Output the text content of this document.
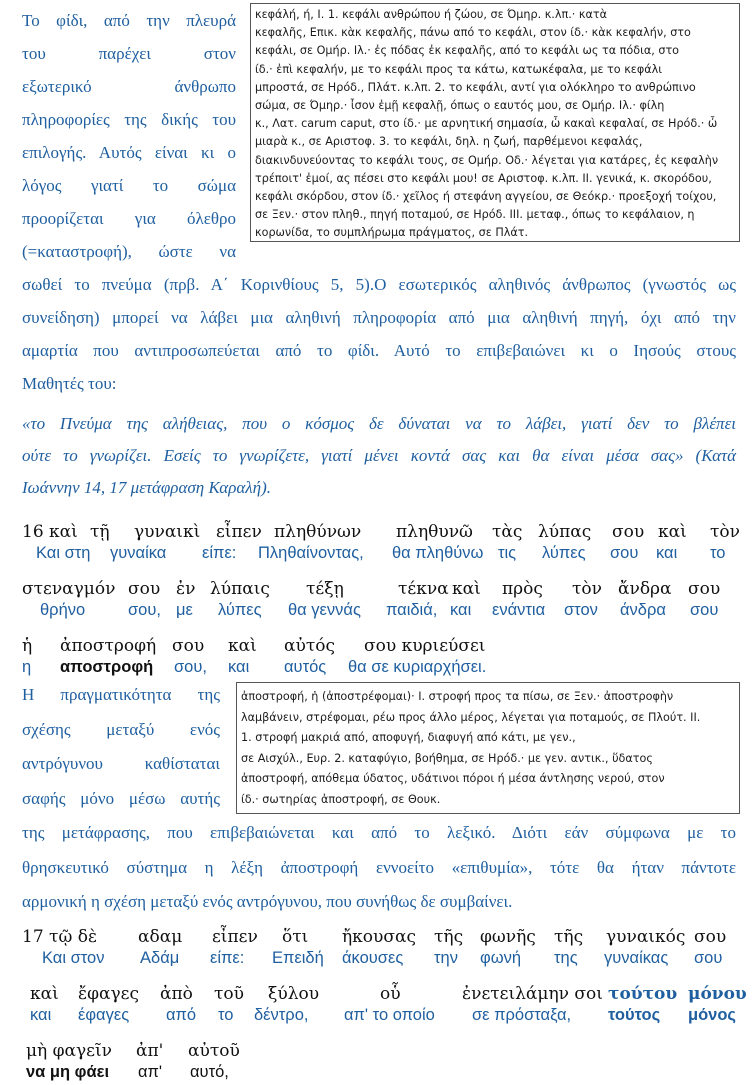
Το φίδι, από την πλευρά
του παρέχει στον
εξωτερικό άνθρωπο
πληροφορίες της δικής του
επιλογής. Αυτός είναι κι ο
λόγος γιατί το σώμα
προορίζεται για όλεθρο
(=καταστροφή), ώστε να
σωθεί το πνεύμα (πρβ. Α΄ Κορινθίους 5, 5).Ο εσωτερικός αληθινός άνθρωπος (γνωστός ως
συνείδηση) μπορεί να λάβει μια αληθινή πληροφορία από μια αληθινή πηγή, όχι από την
αμαρτία που αντιπροσωπεύεται από το φίδι. Αυτό το επιβεβαιώνει κι ο Ιησούς στους
Μαθητές του:
κεφάλή, ή, I. 1. κεφάλι ανθρώπου ή ζώου, σε Όμηρ. κ.λπ.· κατὰ
κεφαλῆς, Επικ. κὰκ κεφαλῆς, πάνω από το κεφάλι, στον ίδ.· κὰκ κεφαλήν, στο
κεφάλι, σε Ομήρ. Ιλ.· ἐς πόδας ἐκ κεφαλῆς, από το κεφάλι ως τα πόδια, στο
ίδ.· ἐπὶ κεφαλήν, με το κεφάλι προς τα κάτω, κατωκέφαλα, με το κεφάλι
μπροστά, σε Ηρόδ., Πλάτ. κ.λπ. 2. το κεφάλι, αντί για ολόκληρο το ανθρώπινο
σώμα, σε Όμηρ.· ἶσον ἐμῇ κεφαλῇ, όπως ο εαυτός μου, σε Ομήρ. Ιλ.· φίλη
κ., Λατ. carum caput, στο ίδ.· με αρνητική σημασία, ὦ κακαὶ κεφαλαί, σε Ηρόδ.· ὦ
μιαρὰ κ., σε Αριστοφ. 3. το κεφάλι, δηλ. η ζωή, παρθέμενοι κεφαλάς,
διακινδυνεύοντας το κεφάλι τους, σε Ομήρ. Οδ.· λέγεται για κατάρες, ἐς κεφαλὴν
τρέποιτ' ἐμοί, ας πέσει στο κεφάλι μου! σε Αριστοφ. κ.λπ. II. γενικά, κ. σκορόδου,
κεφάλι σκόρδου, στον ίδ.· χεῖλος ή στεφάνη αγγείου, σε Θεόκρ.· προεξοχή τοίχου,
σε Ξεν.· στον πληθ., πηγή ποταμού, σε Ηρόδ. III. μεταφ., όπως το κεφάλαιον, η
κορωνίδα, το συμπλήρωμα πράγματος, σε Πλάτ.
«το Πνεύμα της αλήθειας, που ο κόσμος δε δύναται να το λάβει, γιατί δεν το βλέπει
ούτε το γνωρίζει. Εσείς το γνωρίζετε, γιατί μένει κοντά σας και θα είναι μέσα σας» (Κατά
Ιωάννην 14, 17 μετάφραση Καραλή).
16 καὶ τῇ γυναικὶ εἶπεν πληθύνων πληθυνῶ τὰς λύπας σου καὶ τὸν
Και στη γυναίκα είπε: Πληθαίνοντας, θα πληθύνω τις λύπες σου και το
στεναγμόν σου ἐν λύπαις τέξῃ	τέκνα καὶ πρὸς τὸν ἄνδρα σου
θρήνο	σου, με λύπες θα γεννάς παιδιά, και ενάντια στον άνδρα σου
ἡ ἀποστροφή σου καὶ αὐτός σου κυριεύσει
η αποστροφή σου, και αυτός θα σε κυριαρχήσει.
Η πραγματικότητα της
σχέσης μεταξύ ενός
αντρόγυνου καθίσταται
σαφής μόνο μέσω αυτής
της μετάφρασης, που επιβεβαιώνεται και από το λεξικό. Διότι εάν σύμφωνα με το
θρησκευτικό σύστημα η λέξη ἀποστροφή εννοείτο «επιθυμία», τότε θα ήταν πάντοτε
αρμονική η σχέση μεταξύ ενός αντρόγυνου, που συνήθως δε συμβαίνει.
ἀποστροφή, ἡ (ἀποστρέφομαι)· I. στροφή προς τα πίσω, σε Ξεν.· ἀποστροφὴν
λαμβάνειν, στρέφομαι, ρέω προς άλλο μέρος, λέγεται για ποταμούς, σε Πλούτ. II.
1. στροφή μακριά από, αποφυγή, διαφυγή από κάτι, με γεν.,
σε Αισχύλ., Ευρ. 2. καταφύγιο, βοήθημα, σε Ηρόδ.· με γεν. αντικ., ὕδατος
ἀποστροφή, απόθεμα ύδατος, υδάτινοι πόροι ή μέσα άντλησης νερού, στον
ίδ.· σωτηρίας ἀποστροφή, σε Θουκ.
17 τῷ δὲ αδαμ εἶπεν ὅτι ἤκουσας τῆς φωνῆς τῆς γυναικός σου
Και στον Αδάμ είπε: Επειδή άκουσες την φωνή της γυναίκας σου
καὶ ἔφαγες ἀπὸ τοῦ ξύλου	οὗ	ἐνετειλάμην σοι τούτου μόνου
και έφαγες από το δέντρο, απ' το οποίο σε πρόσταξα, τούτος μόνος
μὴ φαγεῖν ἀπ' αὐτοῦ
να μη φάει απ' αυτό,
